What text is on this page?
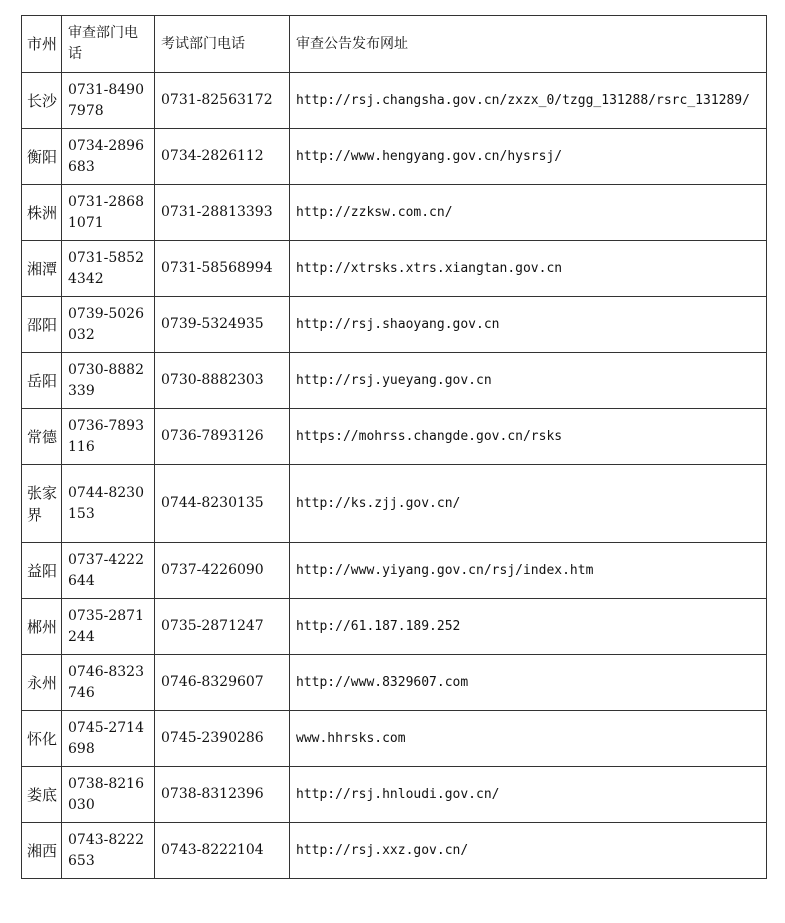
市州	审查部门电话	考试部门电话	审查公告发布网址

长沙	0731-84907978	0731-82563172	http://rsj.changsha.gov.cn/zxzx_0/tzgg_131288/rsrc_131289/

衡阳	0734-2896683	0734-2826112	http://www.hengyang.gov.cn/hysrsj/

株洲	0731-28681071	0731-28813393	http://zzksw.com.cn/

湘潭	0731-58524342	0731-58568994	http://xtrsks.xtrs.xiangtan.gov.cn

邵阳	0739-5026032	0739-5324935	http://rsj.shaoyang.gov.cn

岳阳	0730-8882339	0730-8882303	http://rsj.yueyang.gov.cn

常德	0736-7893116	0736-7893126	https://mohrss.changde.gov.cn/rsks

张家界	0744-8230153	0744-8230135	http://ks.zjj.gov.cn/

益阳	0737-4222644	0737-4226090	http://www.yiyang.gov.cn/rsj/index.htm

郴州	0735-2871244	0735-2871247	http://61.187.189.252

永州	0746-8323746	0746-8329607	http://www.8329607.com

怀化	0745-2714698	0745-2390286	www.hhrsks.com

娄底	0738-8216030	0738-8312396	http://rsj.hnloudi.gov.cn/

湘西	0743-8222653	0743-8222104	http://rsj.xxz.gov.cn/
